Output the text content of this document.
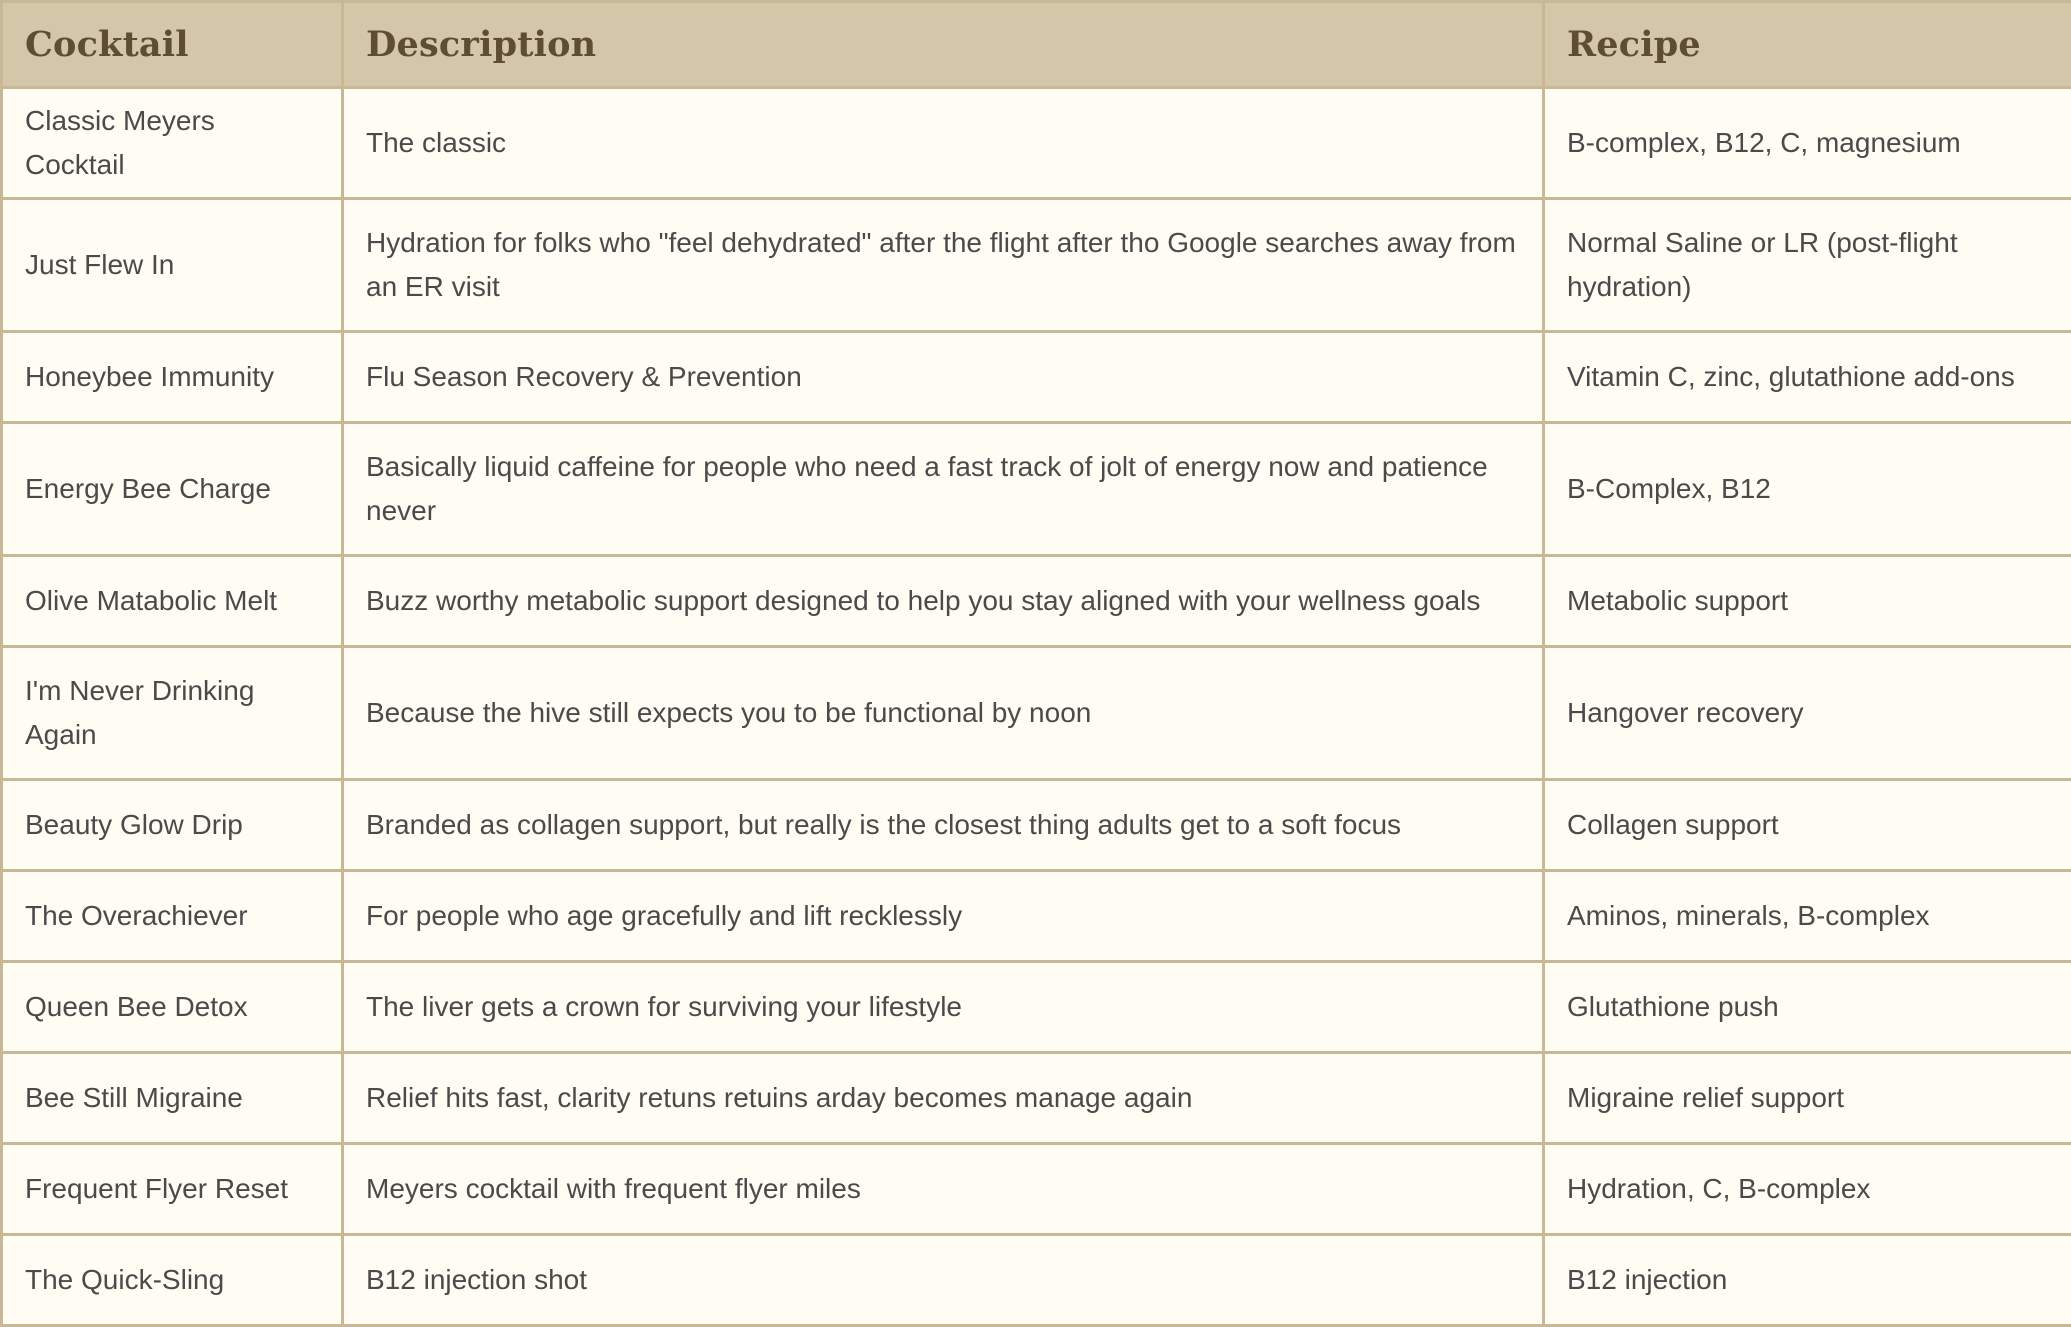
Cocktail	Description	Recipe
Classic Meyers Cocktail	The classic	B-complex, B12, C, magnesium
Just Flew In	Hydration for folks who "feel dehydrated" after the flight after tho Google searches away from an ER visit	Normal Saline or LR (post-flight hydration)
Honeybee Immunity	Flu Season Recovery & Prevention	Vitamin C, zinc, glutathione add-ons
Energy Bee Charge	Basically liquid caffeine for people who need a fast track of jolt of energy now and patience never	B-Complex, B12
Olive Matabolic Melt	Buzz worthy metabolic support designed to help you stay aligned with your wellness goals	Metabolic support
I'm Never Drinking Again	Because the hive still expects you to be functional by noon	Hangover recovery
Beauty Glow Drip	Branded as collagen support, but really is the closest thing adults get to a soft focus	Collagen support
The Overachiever	For people who age gracefully and lift recklessly	Aminos, minerals, B-complex
Queen Bee Detox	The liver gets a crown for surviving your lifestyle	Glutathione push
Bee Still Migraine	Relief hits fast, clarity retuns retuins arday becomes manage again	Migraine relief support
Frequent Flyer Reset	Meyers cocktail with frequent flyer miles	Hydration, C, B-complex
The Quick-Sling	B12 injection shot	B12 injection
